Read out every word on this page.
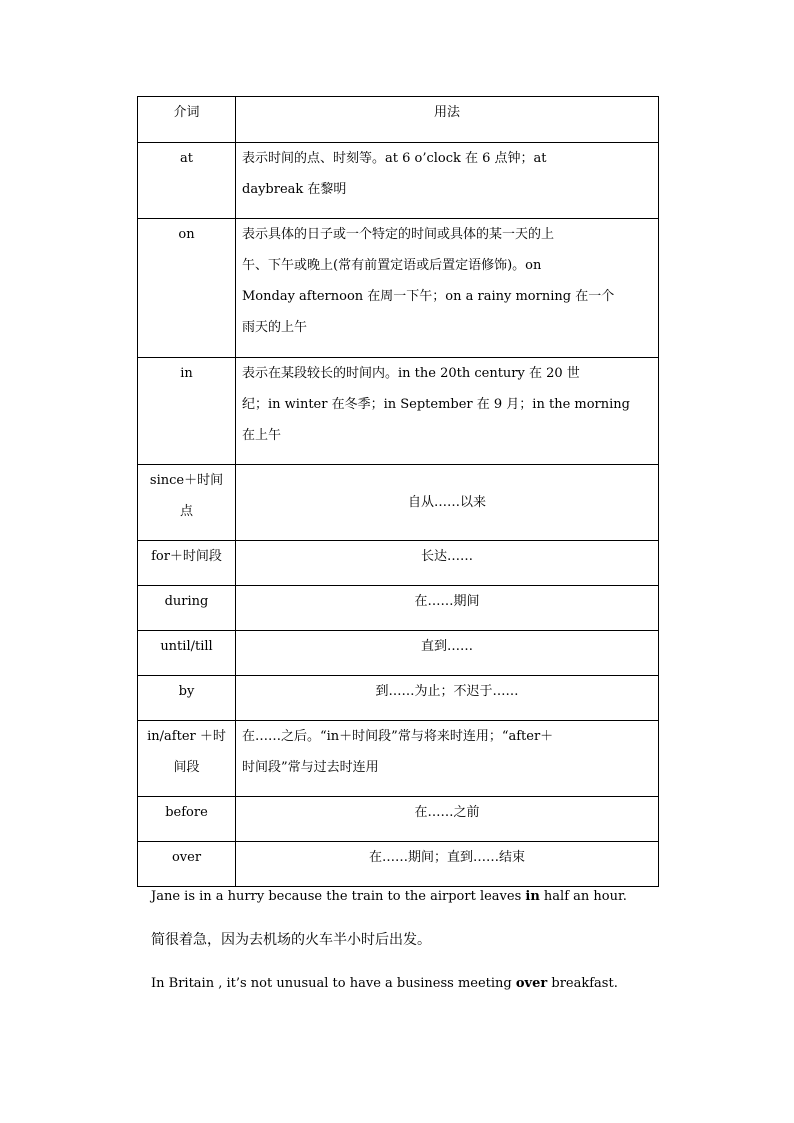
介词	用法

at	表示时间的点、时刻等。at 6 o’clock 在 6 点钟；at
daybreak 在黎明

on	表示具体的日子或一个特定的时间或具体的某一天的上
午、下午或晚上(常有前置定语或后置定语修饰)。on
Monday afternoon 在周一下午；on a rainy morning 在一个
雨天的上午

in	表示在某段较长的时间内。in the 20th century 在 20 世
纪；in winter 在冬季；in September 在 9 月；in the morning
在上午

since＋时间
点	自从……以来

for＋时间段	长达……

during	在……期间

until/till	直到……

by	到……为止；不迟于……

in/after ＋时
间段	在……之后。“in＋时间段”常与将来时连用；“after＋
时间段”常与过去时连用

before	在……之前

over	在……期间；直到……结束
Jane is in a hurry because the train to the airport leaves in half an hour.
简很着急，因为去机场的火车半小时后出发。
In Britain , it’s not unusual to have a business meeting over breakfast.
